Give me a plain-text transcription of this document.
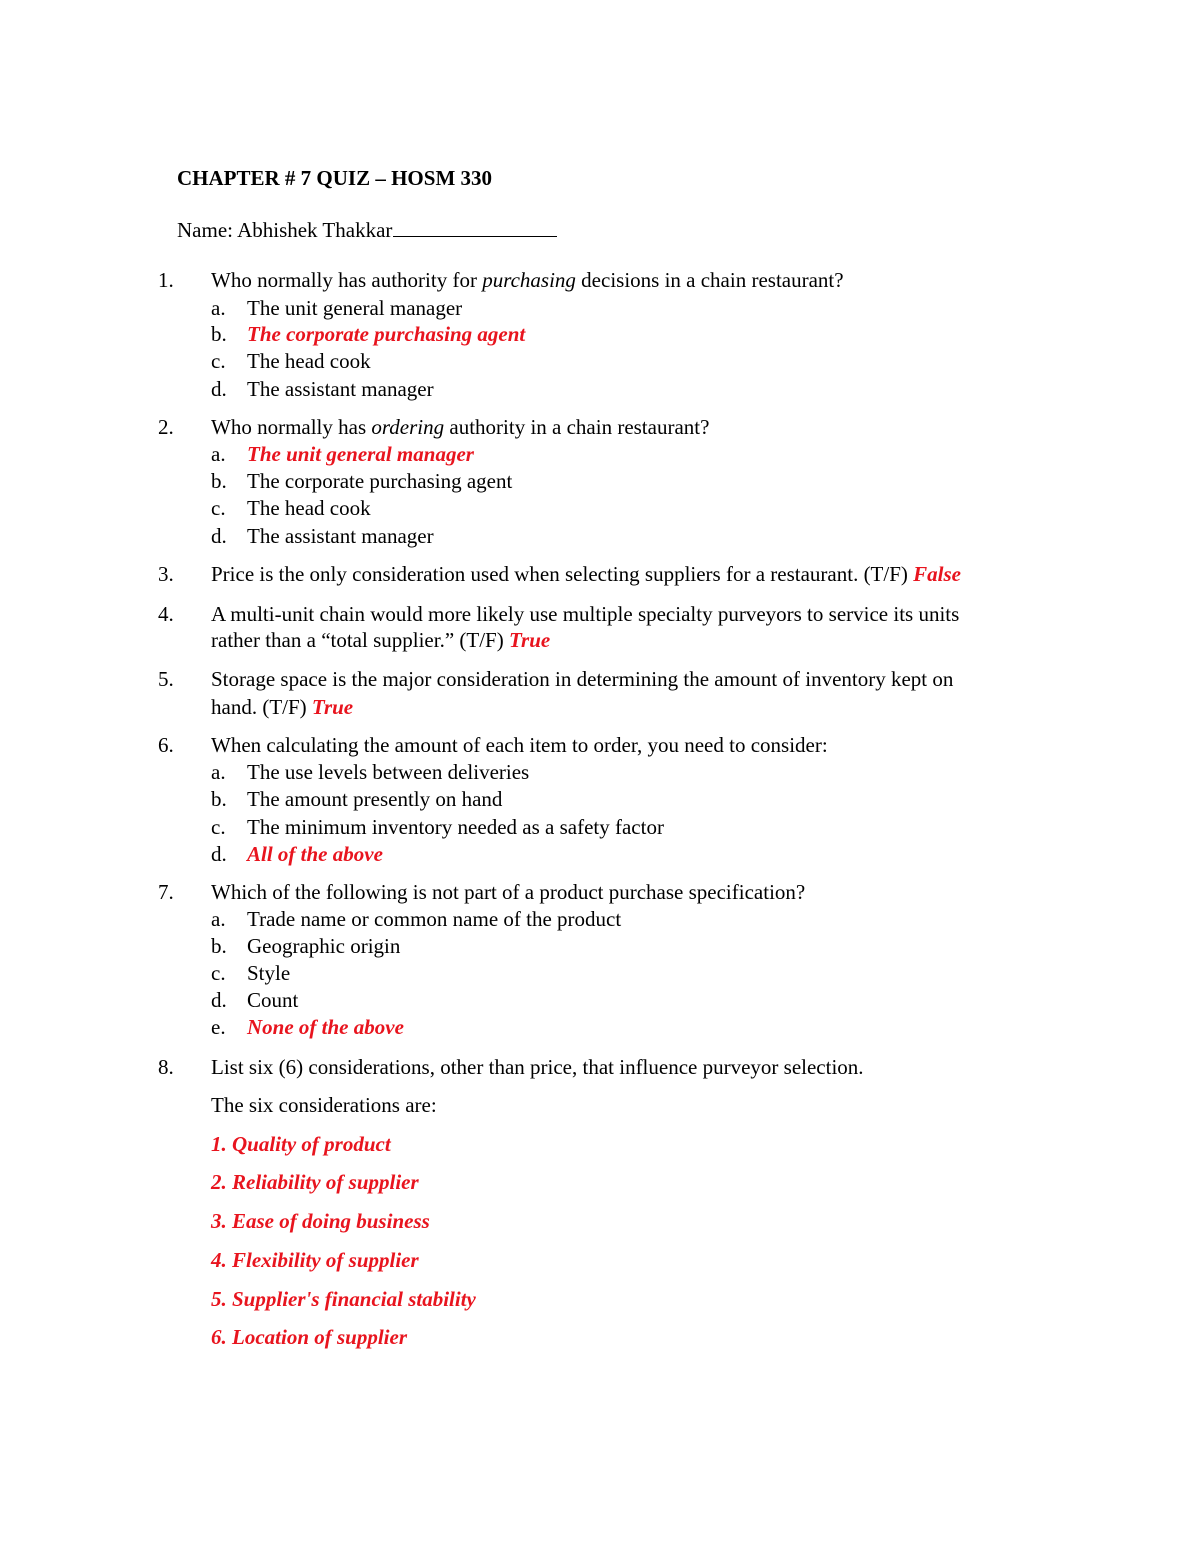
CHAPTER # 7 QUIZ – HOSM 330
Name: Abhishek Thakkar
1. Who normally has authority for purchasing decisions in a chain restaurant?
a. The unit general manager
b. The corporate purchasing agent
c. The head cook
d. The assistant manager
2. Who normally has ordering authority in a chain restaurant?
a. The unit general manager
b. The corporate purchasing agent
c. The head cook
d. The assistant manager
3. Price is the only consideration used when selecting suppliers for a restaurant. (T/F) False
4. A multi-unit chain would more likely use multiple specialty purveyors to service its units
rather than a “total supplier.” (T/F) True
5. Storage space is the major consideration in determining the amount of inventory kept on
hand. (T/F) True
6. When calculating the amount of each item to order, you need to consider:
a. The use levels between deliveries
b. The amount presently on hand
c. The minimum inventory needed as a safety factor
d. All of the above
7. Which of the following is not part of a product purchase specification?
a. Trade name or common name of the product
b. Geographic origin
c. Style
d. Count
e. None of the above
8. List six (6) considerations, other than price, that influence purveyor selection.
The six considerations are:
1. Quality of product
2. Reliability of supplier
3. Ease of doing business
4. Flexibility of supplier
5. Supplier's financial stability
6. Location of supplier
